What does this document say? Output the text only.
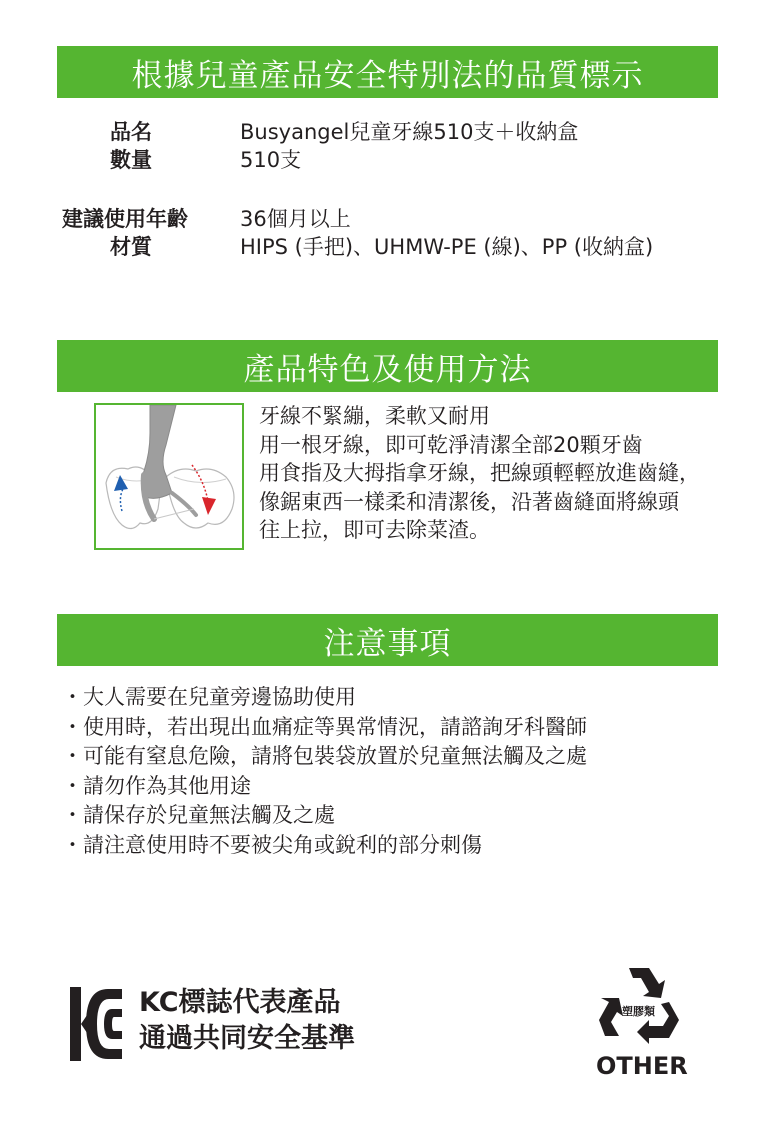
根據兒童產品安全特別法的品質標示
品名	Busyangel兒童牙線510支＋收納盒
數量	510支
建議使用年齡 36個月以上
材質	HIPS (手把)、UHMW-PE (線)、PP (收納盒)
產品特色及使用方法
牙線不緊繃，柔軟又耐用
用一根牙線，即可乾淨清潔全部20顆牙齒
用食指及大拇指拿牙線，把線頭輕輕放進齒縫，
像鋸東西一樣柔和清潔後，沿著齒縫面將線頭
往上拉，即可去除菜渣。
注意事項
・大人需要在兒童旁邊協助使用
・使用時，若出現出血痛症等異常情況，請諮詢牙科醫師
・可能有窒息危險，請將包裝袋放置於兒童無法觸及之處
・請勿作為其他用途
・請保存於兒童無法觸及之處
・請注意使用時不要被尖角或銳利的部分刺傷
KC標誌代表產品
通過共同安全基準
塑膠類
OTHER
